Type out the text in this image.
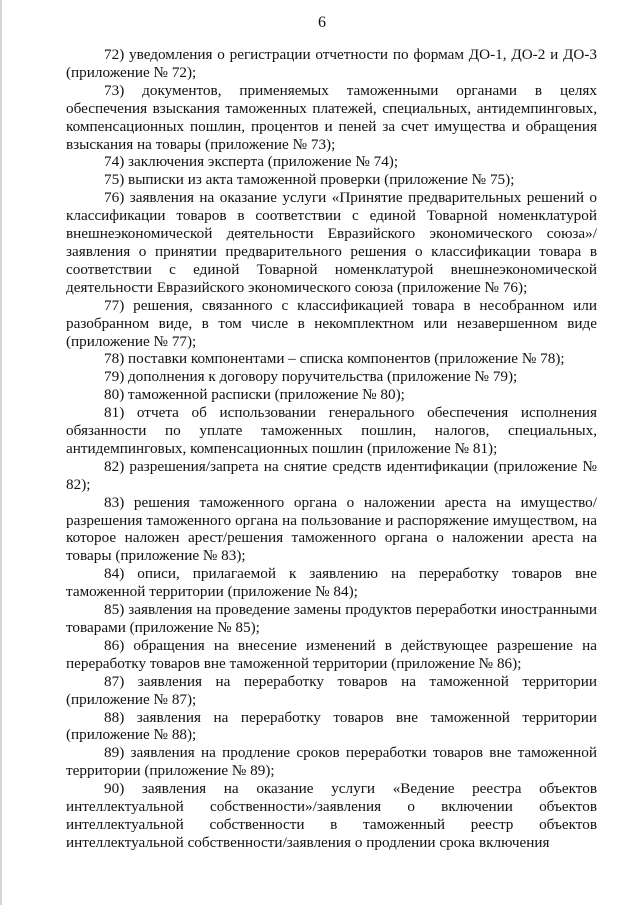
6

72) уведомления о регистрации отчетности по формам ДО-1, ДО-2 и ДО-3 (приложение № 72);

73) документов, применяемых таможенными органами в целях обеспечения взыскания таможенных платежей, специальных, антидемпинговых, компенсационных пошлин, процентов и пеней за счет имущества и обращения взыскания на товары (приложение № 73);

74) заключения эксперта (приложение № 74);

75) выписки из акта таможенной проверки (приложение № 75);

76) заявления на оказание услуги «Принятие предварительных решений о классификации товаров в соответствии с единой Товарной номенклатурой внешнеэкономической деятельности Евразийского экономического союза»/заявления о принятии предварительного решения о классификации товара в соответствии с единой Товарной номенклатурой внешнеэкономической деятельности Евразийского экономического союза (приложение № 76);

77) решения, связанного с классификацией товара в несобранном или разобранном виде, в том числе в некомплектном или незавершенном виде (приложение № 77);

78) поставки компонентами – списка компонентов (приложение № 78);

79) дополнения к договору поручительства (приложение № 79);

80) таможенной расписки (приложение № 80);

81) отчета об использовании генерального обеспечения исполнения обязанности по уплате таможенных пошлин, налогов, специальных, антидемпинговых, компенсационных пошлин (приложение № 81);

82) разрешения/запрета на снятие средств идентификации (приложение № 82);

83) решения таможенного органа о наложении ареста на имущество/разрешения таможенного органа на пользование и распоряжение имуществом, на которое наложен арест/решения таможенного органа о наложении ареста на товары (приложение № 83);

84) описи, прилагаемой к заявлению на переработку товаров вне таможенной территории (приложение № 84);

85) заявления на проведение замены продуктов переработки иностранными товарами (приложение № 85);

86) обращения на внесение изменений в действующее разрешение на переработку товаров вне таможенной территории (приложение № 86);

87) заявления на переработку товаров на таможенной территории (приложение № 87);

88) заявления на переработку товаров вне таможенной территории (приложение № 88);

89) заявления на продление сроков переработки товаров вне таможенной территории (приложение № 89);

90) заявления на оказание услуги «Ведение реестра объектов интеллектуальной собственности»/заявления о включении объектов интеллектуальной собственности в таможенный реестр объектов интеллектуальной собственности/заявления о продлении срока включения
